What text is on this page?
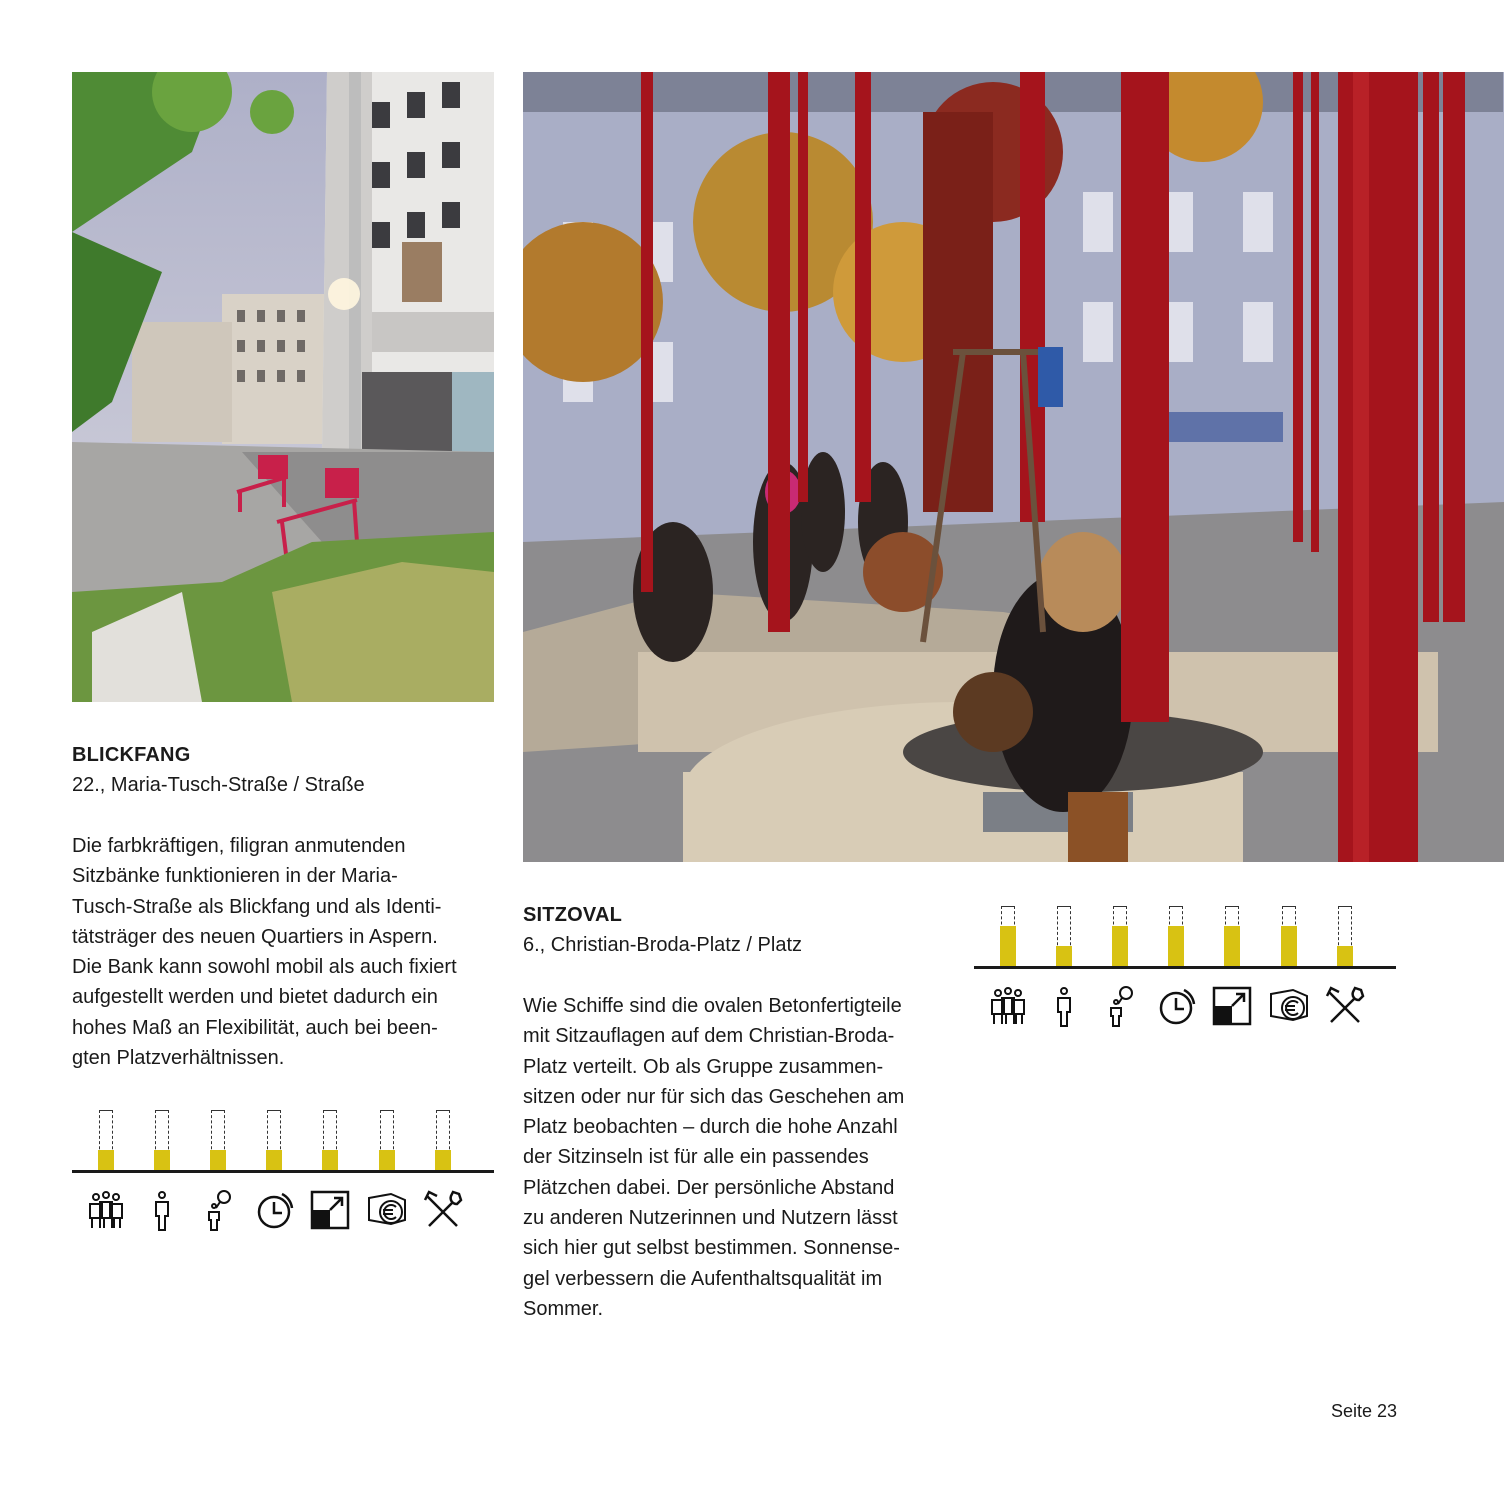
BLICKFANG
22., Maria-Tusch-Straße / Straße
Die farbkräftigen, filigran anmutenden
Sitzbänke funktionieren in der Maria-
Tusch-Straße als Blickfang und als Identi-
tätsträger des neuen Quartiers in Aspern.
Die Bank kann sowohl mobil als auch fixiert
aufgestellt werden und bietet dadurch ein
hohes Maß an Flexibilität, auch bei been-
gten Platzverhältnissen.
SITZOVAL
6., Christian-Broda-Platz / Platz
Wie Schiffe sind die ovalen Betonfertigteile
mit Sitzauflagen auf dem Christian-Broda-
Platz verteilt. Ob als Gruppe zusammen-
sitzen oder nur für sich das Geschehen am
Platz beobachten – durch die hohe Anzahl
der Sitzinseln ist für alle ein passendes
Plätzchen dabei. Der persönliche Abstand
zu anderen Nutzerinnen und Nutzern lässt
sich hier gut selbst bestimmen. Sonnense-
gel verbessern die Aufenthaltsqualität im
Sommer.
Seite 23
